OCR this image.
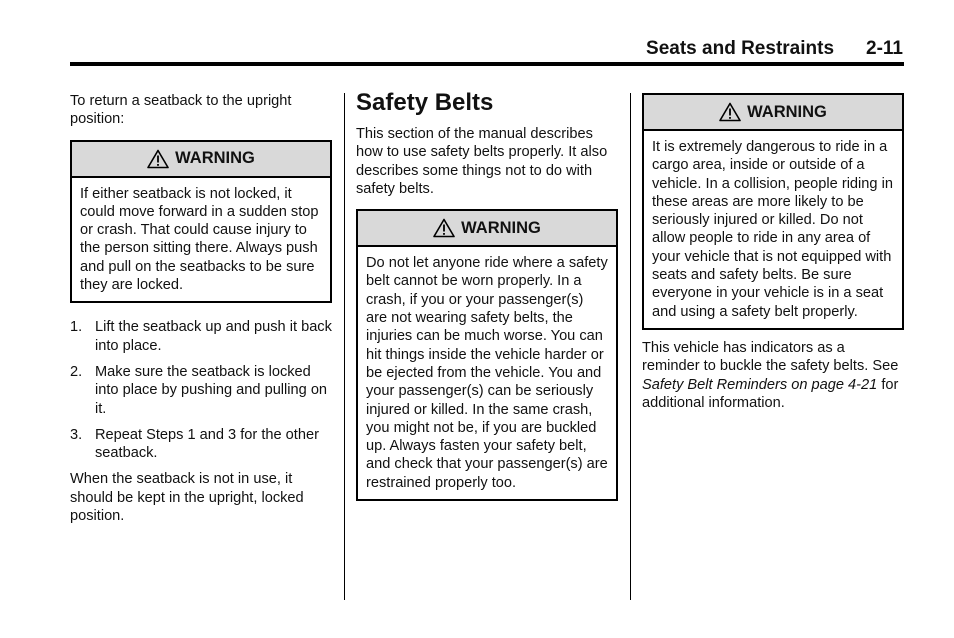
Seats and Restraints 2-11

To return a seatback to the upright position:

WARNING
If either seatback is not locked, it could move forward in a sudden stop or crash. That could cause injury to the person sitting there. Always push and pull on the seatbacks to be sure they are locked.
1. Lift the seatback up and push it back into place.
2. Make sure the seatback is locked into place by pushing and pulling on it.
3. Repeat Steps 1 and 3 for the other seatback.

When the seatback is not in use, it should be kept in the upright, locked position.

Safety Belts

This section of the manual describes how to use safety belts properly. It also describes some things not to do with safety belts.

WARNING
Do not let anyone ride where a safety belt cannot be worn properly. In a crash, if you or your passenger(s) are not wearing safety belts, the injuries can be much worse. You can hit things inside the vehicle harder or be ejected from the vehicle. You and your passenger(s) can be seriously injured or killed. In the same crash, you might not be, if you are buckled up. Always fasten your safety belt, and check that your passenger(s) are restrained properly too.
WARNING
It is extremely dangerous to ride in a cargo area, inside or outside of a vehicle. In a collision, people riding in these areas are more likely to be seriously injured or killed. Do not allow people to ride in any area of your vehicle that is not equipped with seats and safety belts. Be sure everyone in your vehicle is in a seat and using a safety belt properly.

This vehicle has indicators as a reminder to buckle the safety belts. See Safety Belt Reminders on page 4-21 for additional information.
